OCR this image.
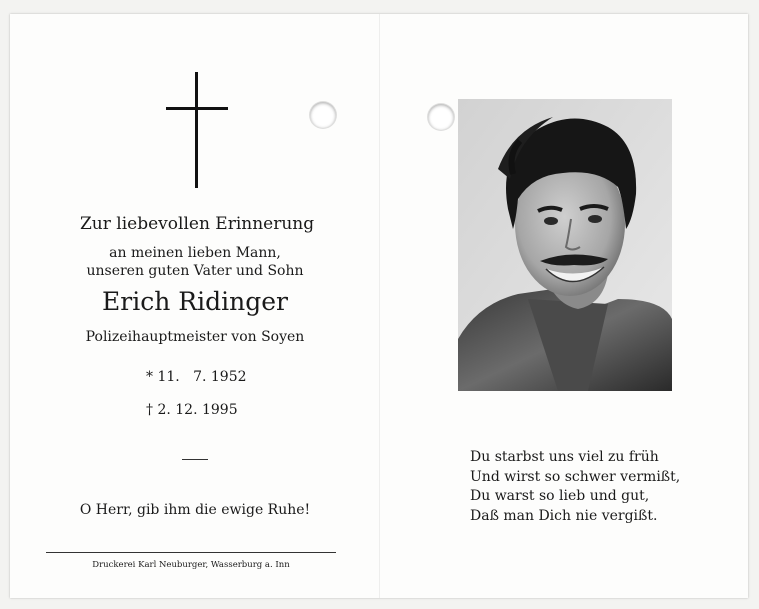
Zur liebevollen Erinnerung
an meinen lieben Mann,
unseren guten Vater und Sohn
Erich Ridinger
Polizeihauptmeister von Soyen
* 11.   7. 1952
† 2. 12. 1995
O Herr, gib ihm die ewige Ruhe!
Druckerei Karl Neuburger, Wasserburg a. Inn
Du starbst uns viel zu früh
Und wirst so schwer vermißt,
Du warst so lieb und gut,
Daß man Dich nie vergißt.
